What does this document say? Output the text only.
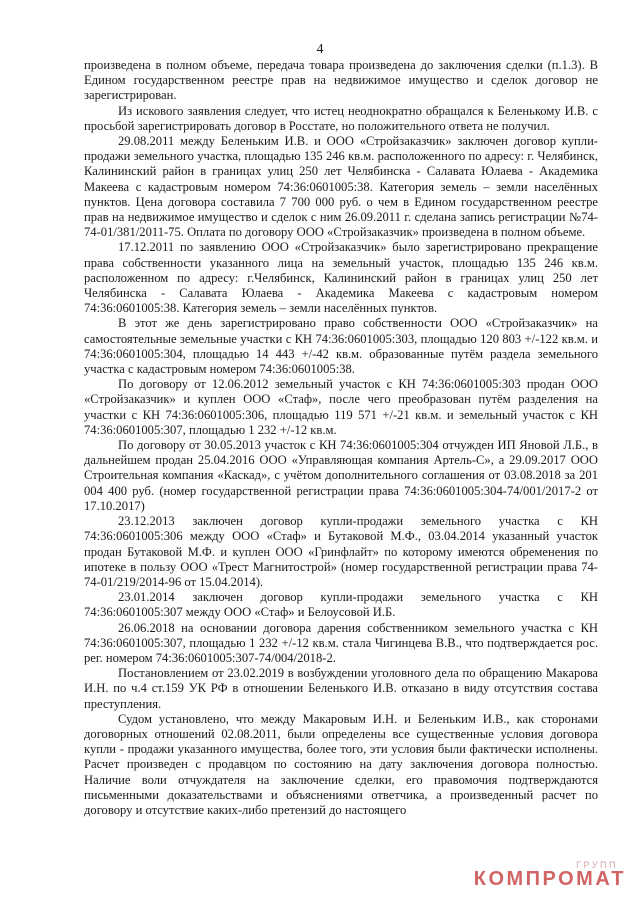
4

произведена в полном объеме, передача товара произведена до заключения сделки (п.1.3). В Едином государственном реестре прав на недвижимое имущество и сделок договор не зарегистрирован.

Из искового заявления следует, что истец неоднократно обращался к Беленькому И.В. с просьбой зарегистрировать договор в Росстате, но положительного ответа не получил.

29.08.2011 между Беленьким И.В. и ООО «Стройзаказчик» заключен договор купли-продажи земельного участка, площадью 135 246 кв.м. расположенного по адресу: г. Челябинск, Калининский район в границах улиц 250 лет Челябинска - Салавата Юлаева - Академика Макеева с кадастровым номером 74:36:0601005:38. Категория земель – земли населённых пунктов. Цена договора составила 7 700 000 руб. о чем в Едином государственном реестре прав на недвижимое имущество и сделок с ним 26.09.2011 г. сделана запись регистрации №74-74-01/381/2011-75. Оплата по договору ООО «Стройзаказчик» произведена в полном объеме.

17.12.2011 по заявлению ООО «Стройзаказчик» было зарегистрировано прекращение права собственности указанного лица на земельный участок, площадью 135 246 кв.м. расположенном по адресу: г.Челябинск, Калининский район в границах улиц 250 лет Челябинска - Салавата Юлаева - Академика Макеева с кадастровым номером 74:36:0601005:38. Категория земель – земли населённых пунктов.

В этот же день зарегистрировано право собственности ООО «Стройзаказчик» на самостоятельные земельные участки с КН 74:36:0601005:303, площадью 120 803 +/-122 кв.м. и 74:36:0601005:304, площадью 14 443 +/-42 кв.м. образованные путём раздела земельного участка с кадастровым номером 74:36:0601005:38.

По договору от 12.06.2012 земельный участок с КН 74:36:0601005:303 продан ООО «Стройзаказчик» и куплен ООО «Стаф», после чего преобразован путём разделения на участки с КН 74:36:0601005:306, площадью 119 571 +/-21 кв.м. и земельный участок с КН 74:36:0601005:307, площадью 1 232 +/-12 кв.м.

По договору от 30.05.2013 участок с КН 74:36:0601005:304 отчужден ИП Яновой Л.Б., в дальнейшем продан 25.04.2016 ООО «Управляющая компания Артель-С», а 29.09.2017 ООО Строительная компания «Каскад», с учётом дополнительного соглашения от 03.08.2018 за 201 004 400 руб. (номер государственной регистрации права 74:36:0601005:304-74/001/2017-2 от 17.10.2017)

23.12.2013 заключен договор купли-продажи земельного участка с КН 74:36:0601005:306 между ООО «Стаф» и Бутаковой М.Ф., 03.04.2014 указанный участок продан Бутаковой М.Ф. и куплен ООО «Гринфлайт» по которому имеются обременения по ипотеке в пользу ООО «Трест Магнитострой» (номер государственной регистрации права 74-74-01/219/2014-96 от 15.04.2014).

23.01.2014 заключен договор купли-продажи земельного участка с КН 74:36:0601005:307 между ООО «Стаф» и Белоусовой И.Б.

26.06.2018 на основании договора дарения собственником земельного участка с КН 74:36:0601005:307, площадью 1 232 +/-12 кв.м. стала Чигинцева В.В., что подтверждается рос. рег. номером 74:36:0601005:307-74/004/2018-2.

Постановлением от 23.02.2019 в возбуждении уголовного дела по обращению Макарова И.Н. по ч.4 ст.159 УК РФ в отношении Беленького И.В. отказано в виду отсутствия состава преступления.

Судом установлено, что между Макаровым И.Н. и Беленьким И.В., как сторонами договорных отношений 02.08.2011, были определены все существенные условия договора купли - продажи указанного имущества, более того, эти условия были фактически исполнены. Расчет произведен с продавцом по состоянию на дату заключения договора полностью. Наличие воли отчуждателя на заключение сделки, его правомочия подтверждаются письменными доказательствами и объяснениями ответчика, а произведенный расчет по договору и отсутствие каких-либо претензий до настоящего

ГРУПП
КОМПРОМАТ
